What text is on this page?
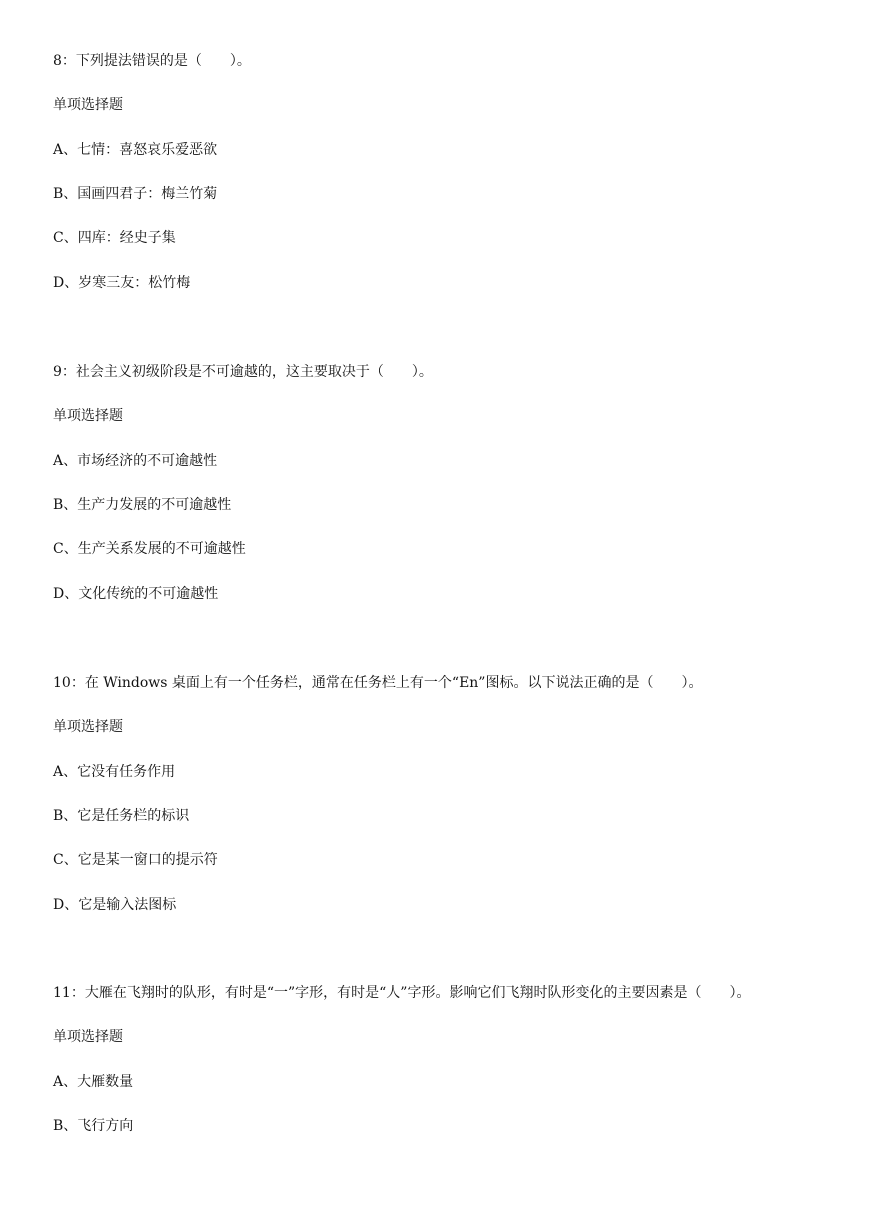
8：下列提法错误的是（　　）。
单项选择题
A、七情：喜怒哀乐爱恶欲
B、国画四君子：梅兰竹菊
C、四库：经史子集
D、岁寒三友：松竹梅
9：社会主义初级阶段是不可逾越的，这主要取决于（　　）。
单项选择题
A、市场经济的不可逾越性
B、生产力发展的不可逾越性
C、生产关系发展的不可逾越性
D、文化传统的不可逾越性
10：在 Windows 桌面上有一个任务栏，通常在任务栏上有一个“En”图标。以下说法正确的是（　　）。
单项选择题
A、它没有任务作用
B、它是任务栏的标识
C、它是某一窗口的提示符
D、它是输入法图标
11：大雁在飞翔时的队形，有时是“一”字形，有时是“人”字形。影响它们飞翔时队形变化的主要因素是（　　）。
单项选择题
A、大雁数量
B、飞行方向
